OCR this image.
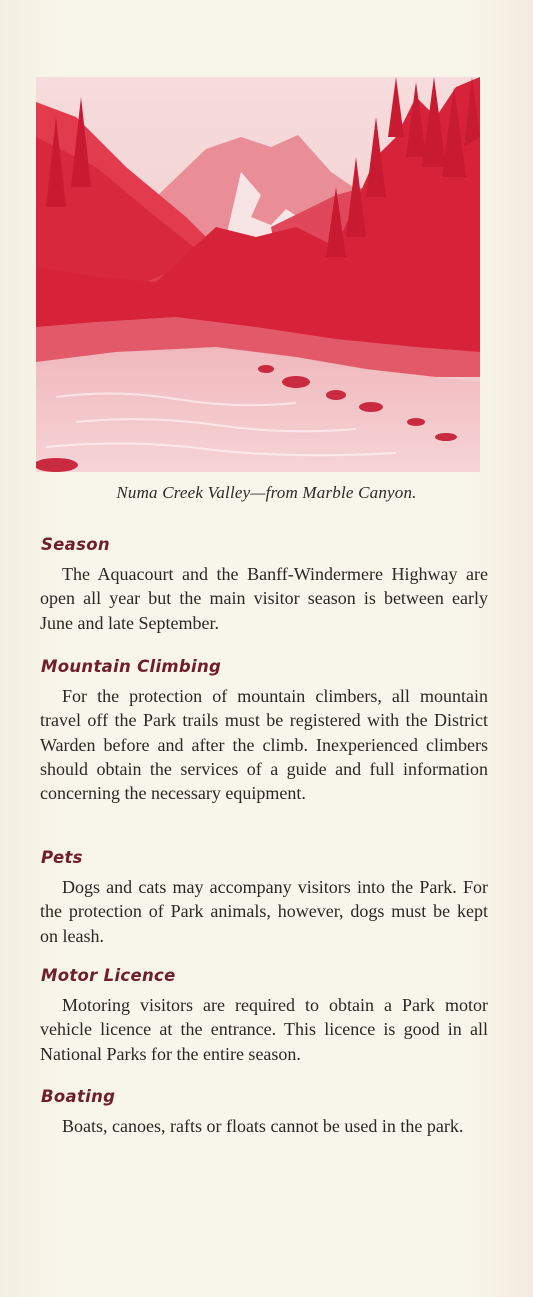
Numa Creek Valley—from Marble Canyon.
Season

The Aquacourt and the Banff-Windermere Highway are open all year but the main visitor season is between early June and late September.

Mountain Climbing

For the protection of mountain climbers, all mountain travel off the Park trails must be registered with the District Warden before and after the climb. Inexperienced climbers should obtain the services of a guide and full information concerning the necessary equipment.

Pets

Dogs and cats may accompany visitors into the Park. For the protection of Park animals, however, dogs must be kept on leash.

Motor Licence

Motoring visitors are required to obtain a Park motor vehicle licence at the entrance. This licence is good in all National Parks for the entire season.

Boating

Boats, canoes, rafts or floats cannot be used in the park.
